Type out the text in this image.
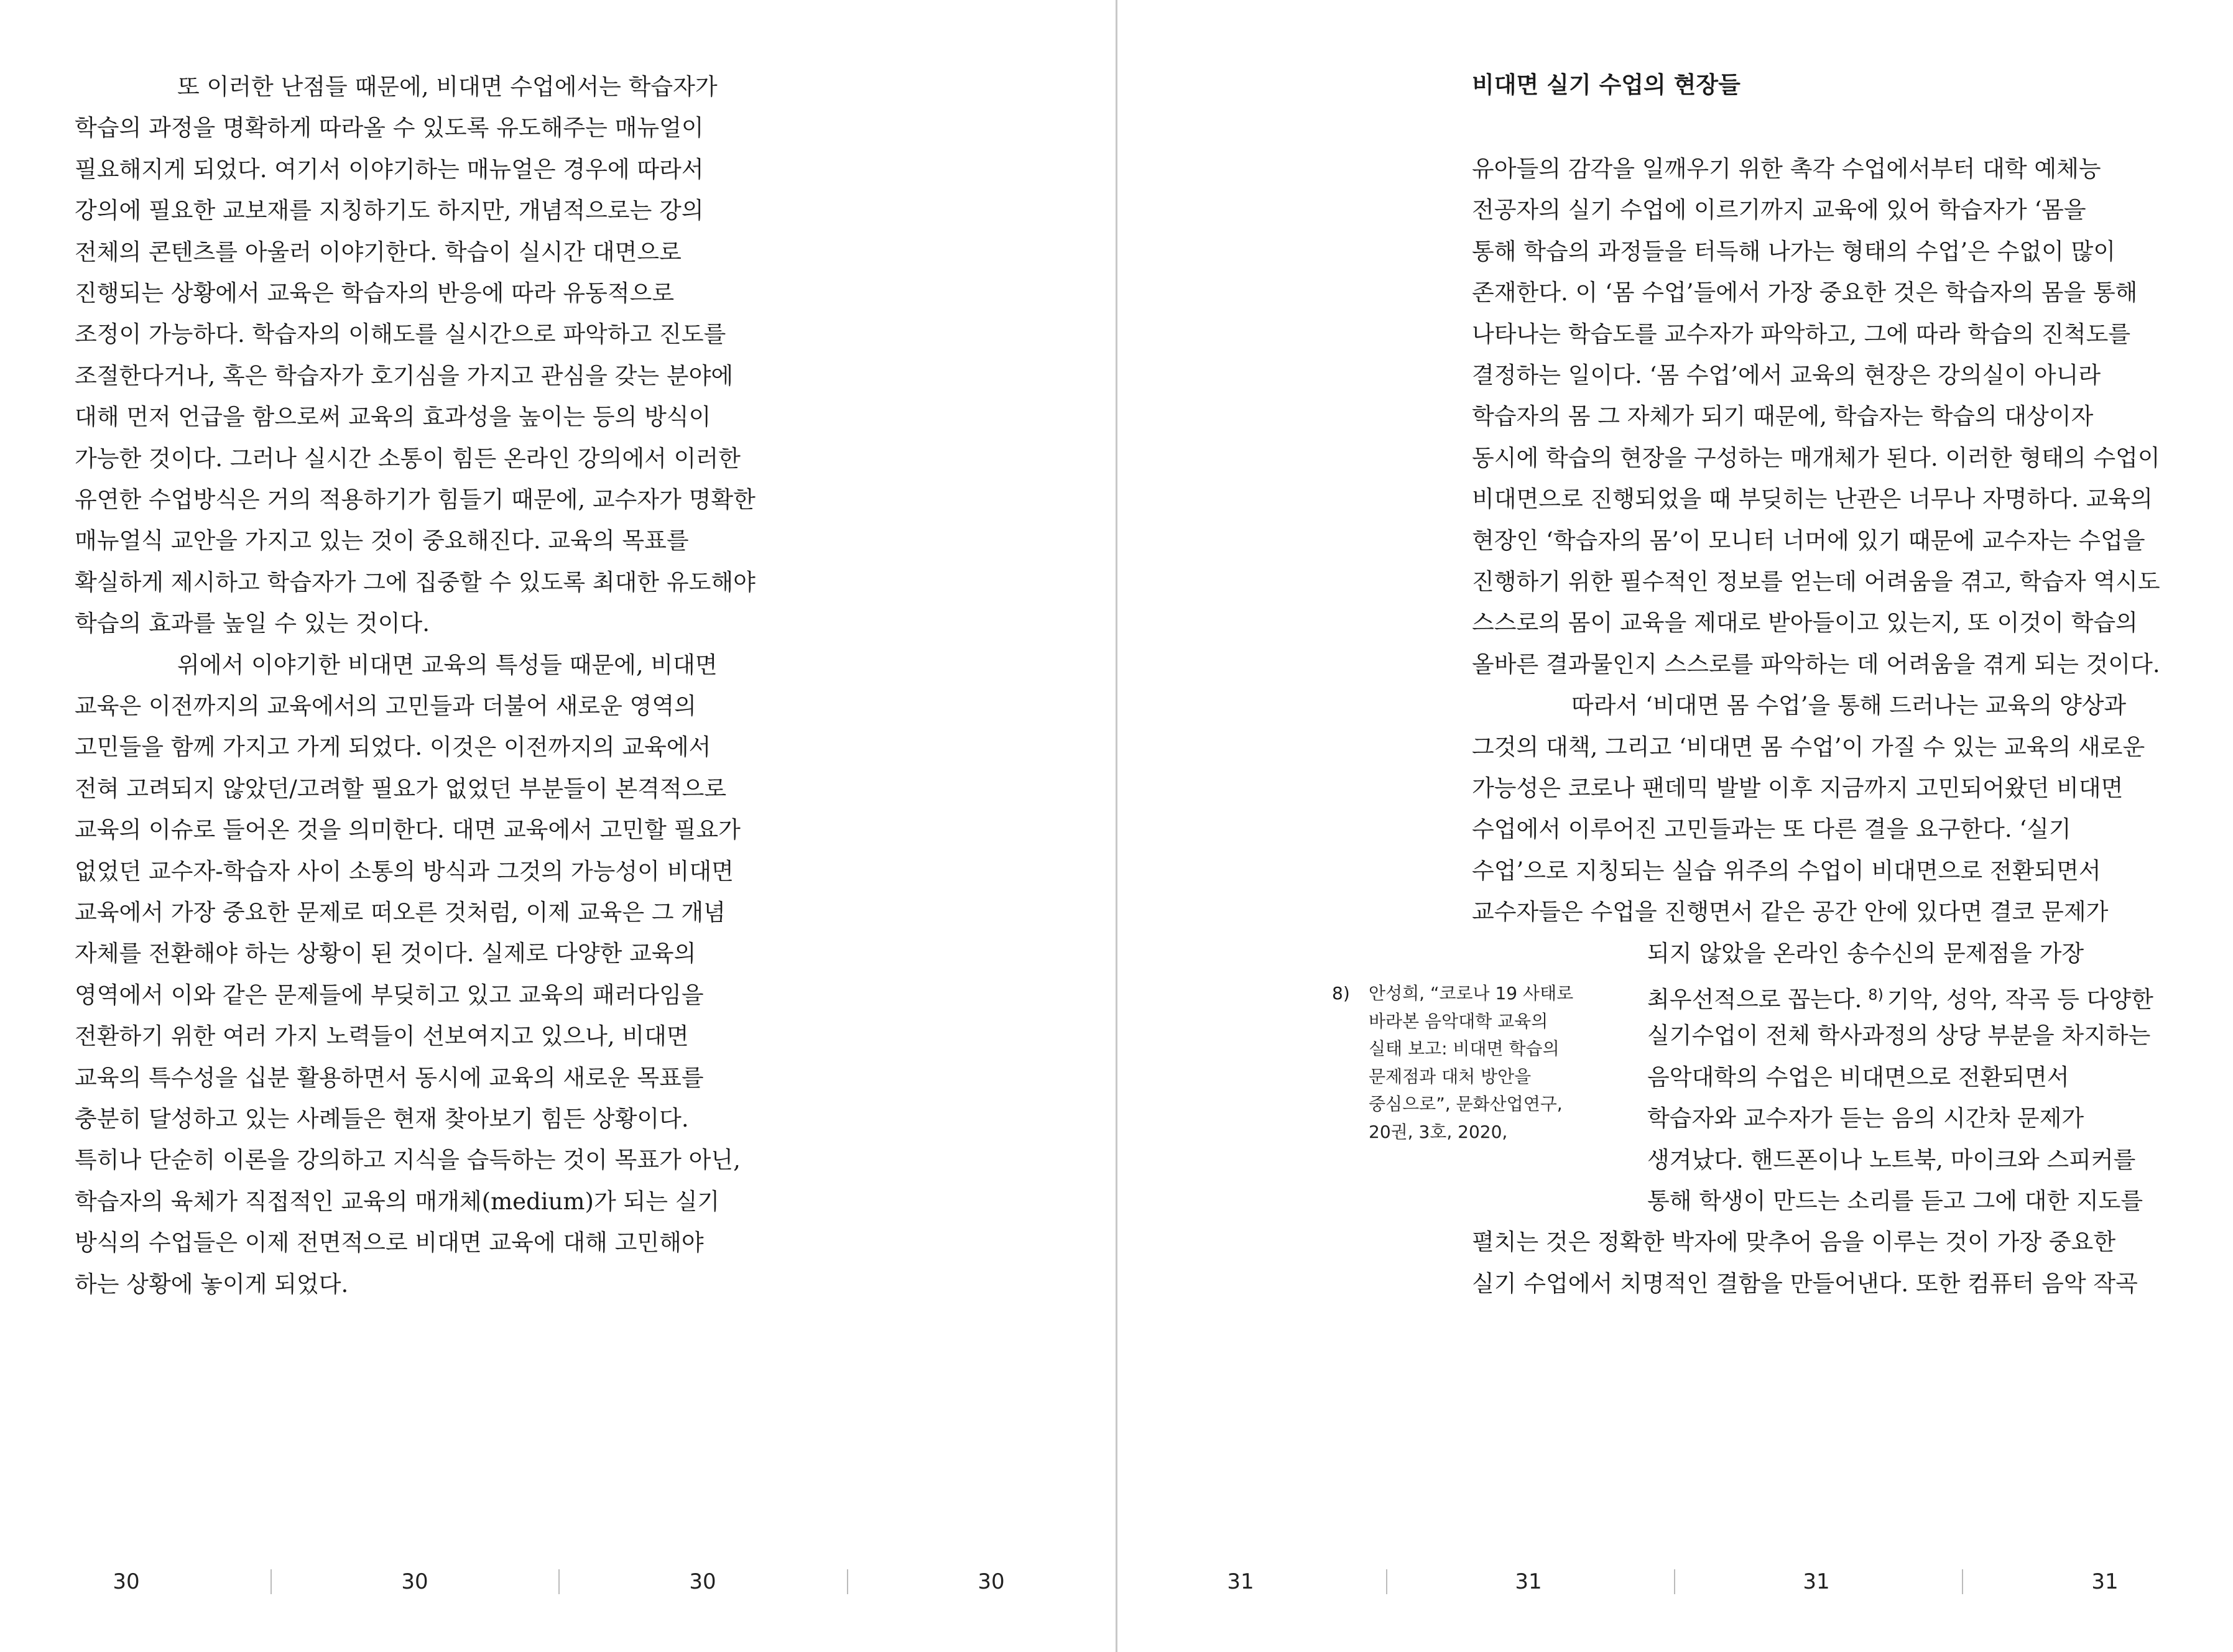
또 이러한 난점들 때문에, 비대면 수업에서는 학습자가
학습의 과정을 명확하게 따라올 수 있도록 유도해주는 매뉴얼이
필요해지게 되었다. 여기서 이야기하는 매뉴얼은 경우에 따라서
강의에 필요한 교보재를 지칭하기도 하지만, 개념적으로는 강의
전체의 콘텐츠를 아울러 이야기한다. 학습이 실시간 대면으로
진행되는 상황에서 교육은 학습자의 반응에 따라 유동적으로
조정이 가능하다. 학습자의 이해도를 실시간으로 파악하고 진도를
조절한다거나, 혹은 학습자가 호기심을 가지고 관심을 갖는 분야에
대해 먼저 언급을 함으로써 교육의 효과성을 높이는 등의 방식이
가능한 것이다. 그러나 실시간 소통이 힘든 온라인 강의에서 이러한
유연한 수업방식은 거의 적용하기가 힘들기 때문에, 교수자가 명확한
매뉴얼식 교안을 가지고 있는 것이 중요해진다. 교육의 목표를
확실하게 제시하고 학습자가 그에 집중할 수 있도록 최대한 유도해야
학습의 효과를 높일 수 있는 것이다.
위에서 이야기한 비대면 교육의 특성들 때문에, 비대면
교육은 이전까지의 교육에서의 고민들과 더불어 새로운 영역의
고민들을 함께 가지고 가게 되었다. 이것은 이전까지의 교육에서
전혀 고려되지 않았던/고려할 필요가 없었던 부분들이 본격적으로
교육의 이슈로 들어온 것을 의미한다. 대면 교육에서 고민할 필요가
없었던 교수자-학습자 사이 소통의 방식과 그것의 가능성이 비대면
교육에서 가장 중요한 문제로 떠오른 것처럼, 이제 교육은 그 개념
자체를 전환해야 하는 상황이 된 것이다. 실제로 다양한 교육의
영역에서 이와 같은 문제들에 부딪히고 있고 교육의 패러다임을
전환하기 위한 여러 가지 노력들이 선보여지고 있으나, 비대면
교육의 특수성을 십분 활용하면서 동시에 교육의 새로운 목표를
충분히 달성하고 있는 사례들은 현재 찾아보기 힘든 상황이다.
특히나 단순히 이론을 강의하고 지식을 습득하는 것이 목표가 아닌,
학습자의 육체가 직접적인 교육의 매개체(medium)가 되는 실기
방식의 수업들은 이제 전면적으로 비대면 교육에 대해 고민해야
하는 상황에 놓이게 되었다.
30	30	30	30
비대면 실기 수업의 현장들
유아들의 감각을 일깨우기 위한 촉각 수업에서부터 대학 예체능
전공자의 실기 수업에 이르기까지 교육에 있어 학습자가 ‘몸을
통해 학습의 과정들을 터득해 나가는 형태의 수업’은 수없이 많이
존재한다. 이 ‘몸 수업’들에서 가장 중요한 것은 학습자의 몸을 통해
나타나는 학습도를 교수자가 파악하고, 그에 따라 학습의 진척도를
결정하는 일이다. ‘몸 수업’에서 교육의 현장은 강의실이 아니라
학습자의 몸 그 자체가 되기 때문에, 학습자는 학습의 대상이자
동시에 학습의 현장을 구성하는 매개체가 된다. 이러한 형태의 수업이
비대면으로 진행되었을 때 부딪히는 난관은 너무나 자명하다. 교육의
현장인 ‘학습자의 몸’이 모니터 너머에 있기 때문에 교수자는 수업을
진행하기 위한 필수적인 정보를 얻는데 어려움을 겪고, 학습자 역시도
스스로의 몸이 교육을 제대로 받아들이고 있는지, 또 이것이 학습의
올바른 결과물인지 스스로를 파악하는 데 어려움을 겪게 되는 것이다.
따라서 ‘비대면 몸 수업’을 통해 드러나는 교육의 양상과
그것의 대책, 그리고 ‘비대면 몸 수업’이 가질 수 있는 교육의 새로운
가능성은 코로나 팬데믹 발발 이후 지금까지 고민되어왔던 비대면
수업에서 이루어진 고민들과는 또 다른 결을 요구한다. ‘실기
수업’으로 지칭되는 실습 위주의 수업이 비대면으로 전환되면서
교수자들은 수업을 진행면서 같은 공간 안에 있다면 결코 문제가
되지 않았을 온라인 송수신의 문제점을 가장
최우선적으로 꼽는다. $^{8)}$ 기악, 성악, 작곡 등 다양한
실기수업이 전체 학사과정의 상당 부분을 차지하는
음악대학의 수업은 비대면으로 전환되면서
학습자와 교수자가 듣는 음의 시간차 문제가
생겨났다. 핸드폰이나 노트북, 마이크와 스피커를
통해 학생이 만드는 소리를 듣고 그에 대한 지도를
펼치는 것은 정확한 박자에 맞추어 음을 이루는 것이 가장 중요한
실기 수업에서 치명적인 결함을 만들어낸다. 또한 컴퓨터 음악 작곡
8) 안성희, “코로나 19 사태로
바라본 음악대학 교육의
실태 보고: 비대면 학습의
문제점과 대처 방안을
중심으로”, 문화산업연구,
20권, 3호, 2020,
31	31	31	31
